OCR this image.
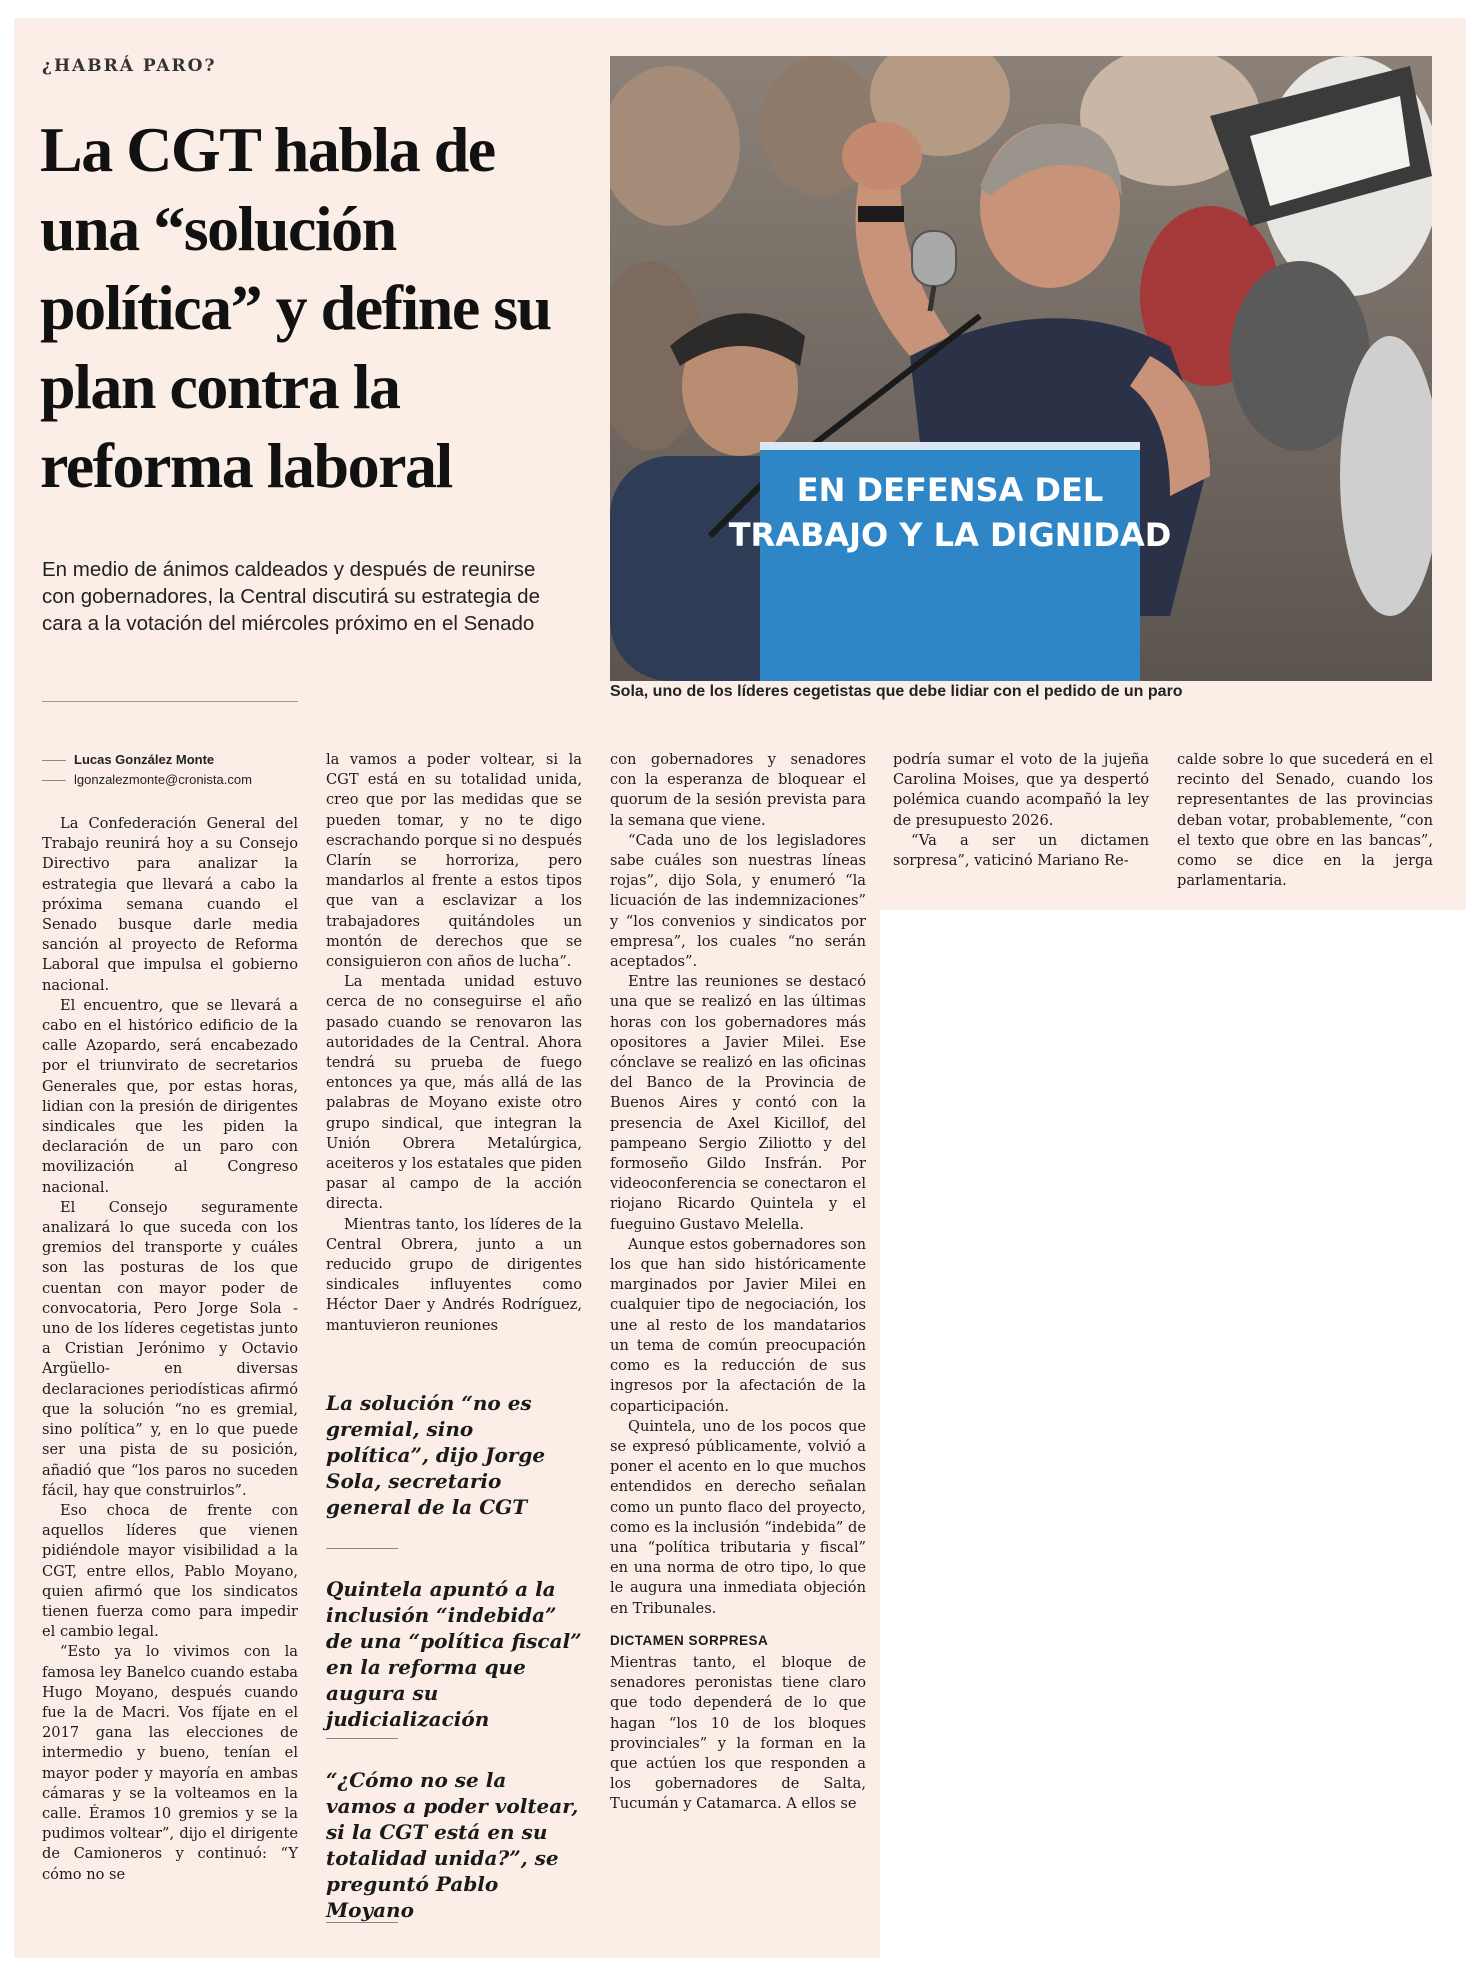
¿HABRÁ PARO?
La CGT habla de una “solución política” y define su plan contra la reforma laboral

En medio de ánimos caldeados y después de reunirse con gobernadores, la Central discutirá su estrategia de cara a la votación del miércoles próximo en el Senado

EN DEFENSA DEL
TRABAJO Y LA DIGNIDAD
Sola, uno de los líderes cegetistas que debe lidiar con el pedido de un paro
Lucas González Monte
lgonzalezmonte@cronista.com

La Confederación General del Trabajo reunirá hoy a su Consejo Directivo para analizar la estrategia que llevará a cabo la próxima semana cuando el Senado busque darle media sanción al proyecto de Reforma Laboral que impulsa el gobierno nacional.

El encuentro, que se llevará a cabo en el histórico edificio de la calle Azopardo, será encabezado por el triunvirato de secretarios Generales que, por estas horas, lidian con la presión de dirigentes sindicales que les piden la declaración de un paro con movilización al Congreso nacional.

El Consejo seguramente analizará lo que suceda con los gremios del transporte y cuáles son las posturas de los que cuentan con mayor poder de convocatoria, Pero Jorge Sola -uno de los líderes cegetistas junto a Cristian Jerónimo y Octavio Argüello- en diversas declaraciones periodísticas afirmó que la solución “no es gremial, sino política” y, en lo que puede ser una pista de su posición, añadió que “los paros no suceden fácil, hay que construirlos”.

Eso choca de frente con aquellos líderes que vienen pidiéndole mayor visibilidad a la CGT, entre ellos, Pablo Moyano, quien afirmó que los sindicatos tienen fuerza como para impedir el cambio legal.

“Esto ya lo vivimos con la famosa ley Banelco cuando estaba Hugo Moyano, después cuando fue la de Macri. Vos fíjate en el 2017 gana las elecciones de intermedio y bueno, tenían el mayor poder y mayoría en ambas cámaras y se la volteamos en la calle. Éramos 10 gremios y se la pudimos voltear”, dijo el dirigente de Camioneros y continuó: “Y cómo no se

la vamos a poder voltear, si la CGT está en su totalidad unida, creo que por las medidas que se pueden tomar, y no te digo escrachando porque si no después Clarín se horroriza, pero mandarlos al frente a estos tipos que van a esclavizar a los trabajadores quitándoles un montón de derechos que se consiguieron con años de lucha”.

La mentada unidad estuvo cerca de no conseguirse el año pasado cuando se renovaron las autoridades de la Central. Ahora tendrá su prueba de fuego entonces ya que, más allá de las palabras de Moyano existe otro grupo sindical, que integran la Unión Obrera Metalúrgica, aceiteros y los estatales que piden pasar al campo de la acción directa.

Mientras tanto, los líderes de la Central Obrera, junto a un reducido grupo de dirigentes sindicales influyentes como Héctor Daer y Andrés Rodríguez, mantuvieron reuniones

La solución “no es gremial, sino política”, dijo Jorge Sola, secretario general de la CGT
Quintela apuntó a la inclusión “indebida” de una “política fiscal” en la reforma que augura su judicialización
“¿Cómo no se la vamos a poder voltear, si la CGT está en su totalidad unida?”, se preguntó Pablo Moyano

con gobernadores y senadores con la esperanza de bloquear el quorum de la sesión prevista para la semana que viene.

“Cada uno de los legisladores sabe cuáles son nuestras líneas rojas”, dijo Sola, y enumeró “la licuación de las indemnizaciones” y “los convenios y sindicatos por empresa”, los cuales “no serán aceptados”.

Entre las reuniones se destacó una que se realizó en las últimas horas con los gobernadores más opositores a Javier Milei. Ese cónclave se realizó en las oficinas del Banco de la Provincia de Buenos Aires y contó con la presencia de Axel Kicillof, del pampeano Sergio Ziliotto y del formoseño Gildo Insfrán. Por videoconferencia se conectaron el riojano Ricardo Quintela y el fueguino Gustavo Melella.

Aunque estos gobernadores son los que han sido históricamente marginados por Javier Milei en cualquier tipo de negociación, los une al resto de los mandatarios un tema de común preocupación como es la reducción de sus ingresos por la afectación de la coparticipación.

Quintela, uno de los pocos que se expresó públicamente, volvió a poner el acento en lo que muchos entendidos en derecho señalan como un punto flaco del proyecto, como es la inclusión “indebida” de una “política tributaria y fiscal” en una norma de otro tipo, lo que le augura una inmediata objeción en Tribunales.

DICTAMEN SORPRESA

Mientras tanto, el bloque de senadores peronistas tiene claro que todo dependerá de lo que hagan “los 10 de los bloques provinciales” y la forman en la que actúen los que responden a los gobernadores de Salta, Tucumán y Catamarca. A ellos se

podría sumar el voto de la jujeña Carolina Moises, que ya despertó polémica cuando acompañó la ley de presupuesto 2026.

“Va a ser un dictamen sorpresa”, vaticinó Mariano Re-

calde sobre lo que sucederá en el recinto del Senado, cuando los representantes de las provincias deban votar, probablemente, “con el texto que obre en las bancas”, como se dice en la jerga parlamentaria.
